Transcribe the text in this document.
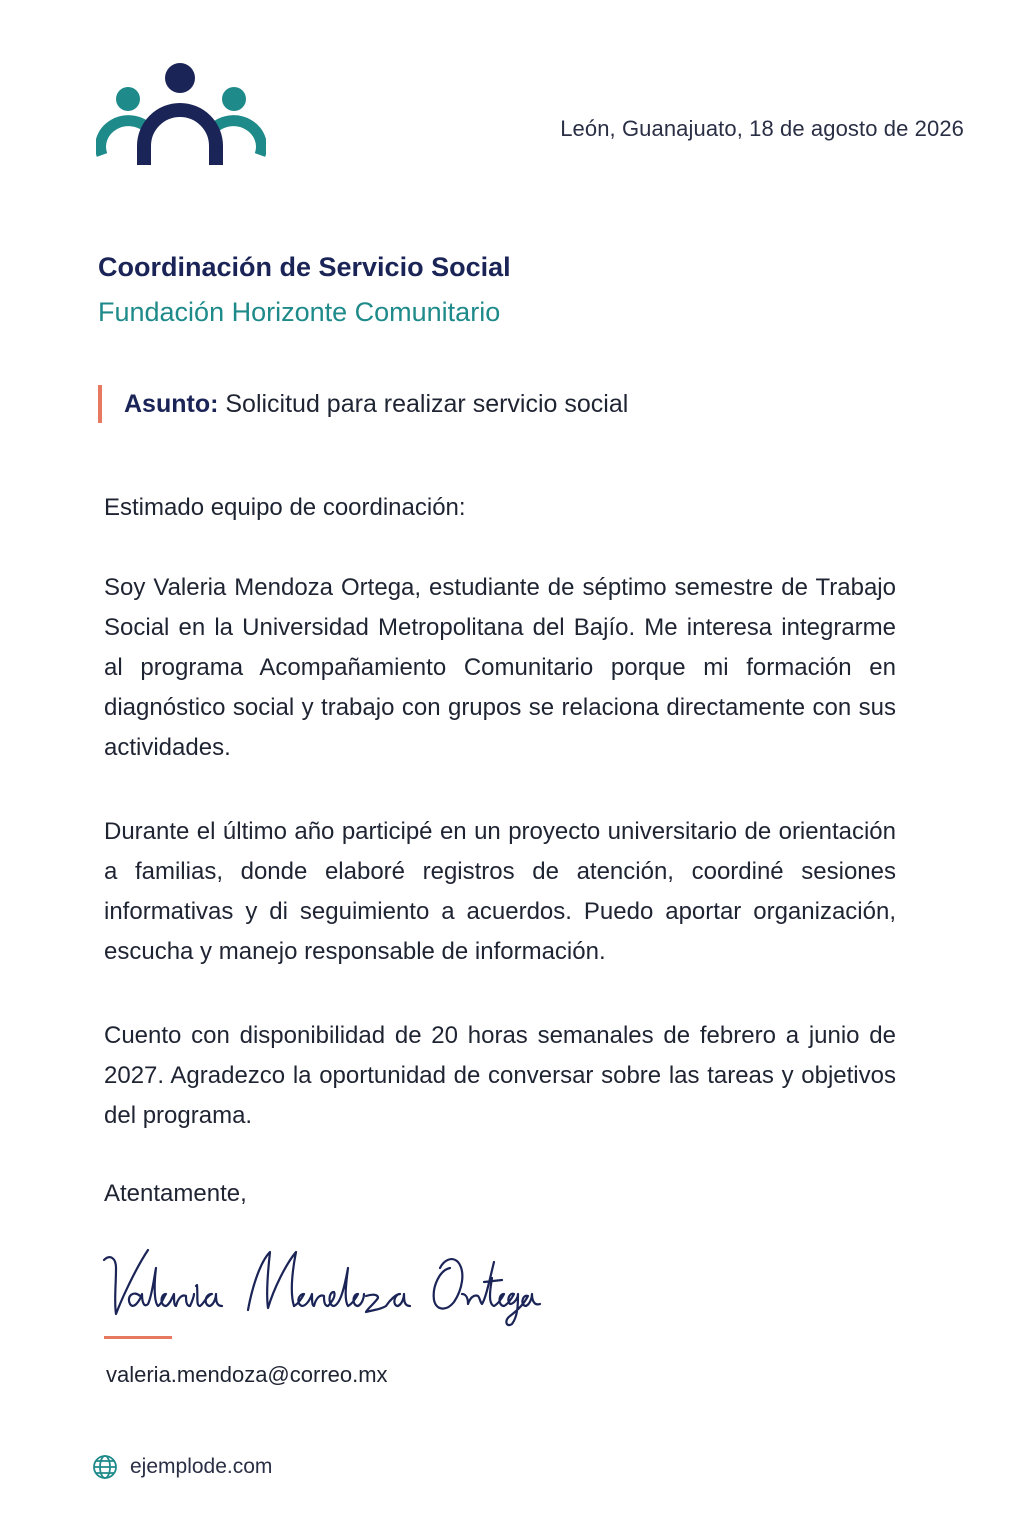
León, Guanajuato, 18 de agosto de 2026
Coordinación de Servicio Social
Fundación Horizonte Comunitario
Asunto: Solicitud para realizar servicio social
Estimado equipo de coordinación:
Soy Valeria Mendoza Ortega, estudiante de séptimo semestre de Trabajo Social en la Universidad Metropolitana del Bajío. Me interesa integrarme al programa Acompañamiento Comunitario porque mi formación en diagnóstico social y trabajo con grupos se relaciona directamente con sus actividades.
Durante el último año participé en un proyecto universitario de orientación a familias, donde elaboré registros de atención, coordiné sesiones informativas y di seguimiento a acuerdos. Puedo aportar organización, escucha y manejo responsable de información.
Cuento con disponibilidad de 20 horas semanales de febrero a junio de 2027. Agradezco la oportunidad de conversar sobre las tareas y objetivos del programa.
Atentamente,
valeria.mendoza@correo.mx
ejemplode.com
